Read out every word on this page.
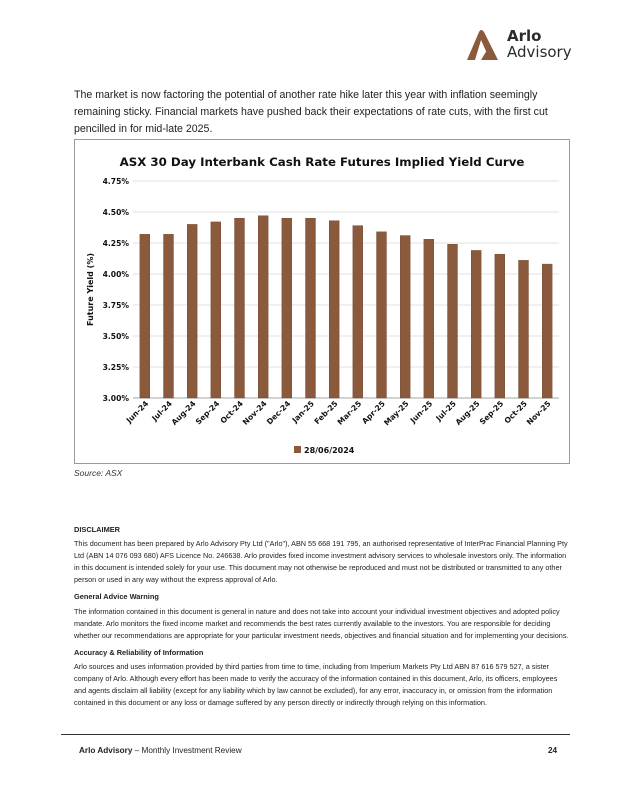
Arlo
Advisory
The market is now factoring the potential of another rate hike later this year with inflation seemingly remaining sticky. Financial markets have pushed back their expectations of rate cuts, with the first cut pencilled in for mid-late 2025.
ASX 30 Day Interbank Cash Rate Futures Implied Yield Curve
Future Yield (%)
3.00%
3.25%
3.50%
3.75%
4.00%
4.25%
4.50%
4.75%
Jun-24 Jul-24
Aug-24
Sep-24
Oct-24
Nov-24
Dec-24
Jan-25
Feb-25
Mar-25
Apr-25
May-25
Jun-25 Jul-25
Aug-25
Sep-25
Oct-25
Nov-25
28/06/2024
Source: ASX
DISCLAIMER

This document has been prepared by Arlo Advisory Pty Ltd ("Arlo"), ABN 55 668 191 795, an authorised representative of InterPrac Financial Planning Pty Ltd (ABN 14 076 093 680) AFS Licence No. 246638. Arlo provides fixed income investment advisory services to wholesale investors only. The information in this document is intended solely for your use. This document may not otherwise be reproduced and must not be distributed or transmitted to any other person or used in any way without the express approval of Arlo.

General Advice Warning

The information contained in this document is general in nature and does not take into account your individual investment objectives and adopted policy mandate. Arlo monitors the fixed income market and recommends the best rates currently available to the investors. You are responsible for deciding whether our recommendations are appropriate for your particular investment needs, objectives and financial situation and for implementing your decisions.

Accuracy & Reliability of Information

Arlo sources and uses information provided by third parties from time to time, including from Imperium Markets Pty Ltd ABN 87 616 579 527, a sister company of Arlo. Although every effort has been made to verify the accuracy of the information contained in this document, Arlo, its officers, employees and agents disclaim all liability (except for any liability which by law cannot be excluded), for any error, inaccuracy in, or omission from the information contained in this document or any loss or damage suffered by any person directly or indirectly through relying on this information.

Arlo Advisory – Monthly Investment Review	24
